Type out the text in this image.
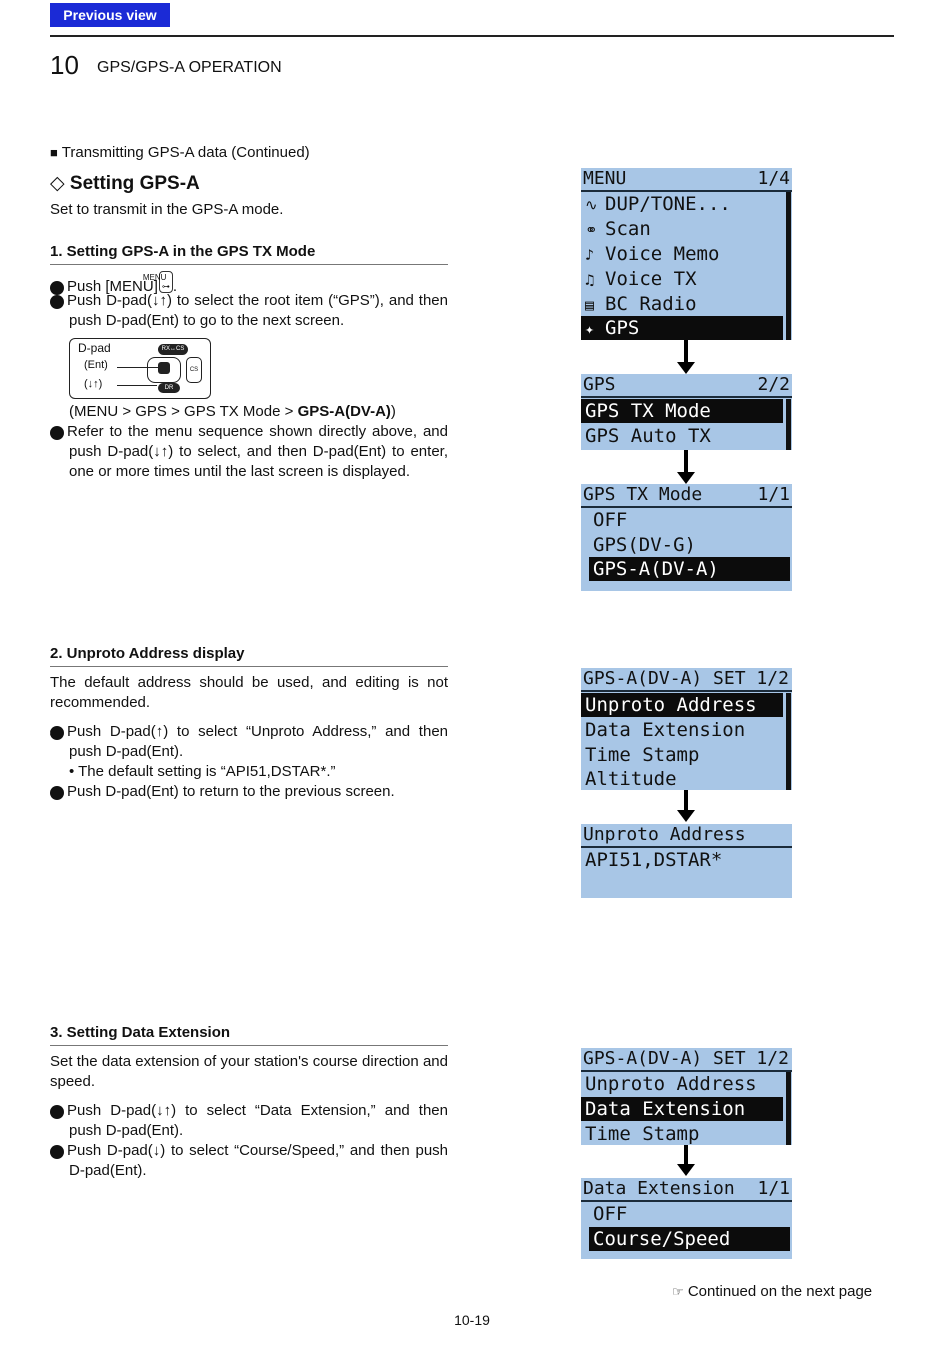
Previous view
10 GPS/GPS-A OPERATION
■ Transmitting GPS-A data (Continued)
◇ Setting GPS-A
Set to transmit in the GPS-A mode.
1. Setting GPS-A in the GPS TX Mode
1 Push [MENU]MENU
⊶ .
2 Push D-pad(↓↑) to select the root item (“GPS”), and then push D-pad(Ent) to go to the next screen.
D-pad
(Ent)
(↓↑)
RX↔CS
CS
DR
(MENU > GPS > GPS TX Mode > GPS-A(DV-A))
3 Refer to the menu sequence shown directly above, and push D-pad(↓↑) to select, and then D-pad(Ent) to enter, one or more times until the last screen is displayed.
2. Unproto Address display
The default address should be used, and editing is not recommended.
4 Push D-pad(↑) to select “Unproto Address,” and then push D-pad(Ent).
• The default setting is “API51,DSTAR*.”
5 Push D-pad(Ent) to return to the previous screen.
3. Setting Data Extension
Set the data extension of your station's course direction and speed.
6 Push D-pad(↓↑) to select “Data Extension,” and then push D-pad(Ent).
7 Push D-pad(↓) to select “Course/Speed,” and then push D-pad(Ent).
MENU	1/4
∿ DUP/TONE...
⚭ Scan
♪ Voice Memo
♫ Voice TX
▤ BC Radio
✦ GPS
GPS	2/2
GPS TX Mode
GPS Auto TX
GPS TX Mode	1/1
OFF
GPS(DV-G)
GPS-A(DV-A)
GPS-A(DV-A) SET 1/2
Unproto Address
Data Extension
Time Stamp
Altitude
Unproto Address
API51,DSTAR*
GPS-A(DV-A) SET 1/2
Unproto Address
Data Extension
Time Stamp
Data Extension 1/1
OFF
Course/Speed
☞ Continued on the next page
10-19
